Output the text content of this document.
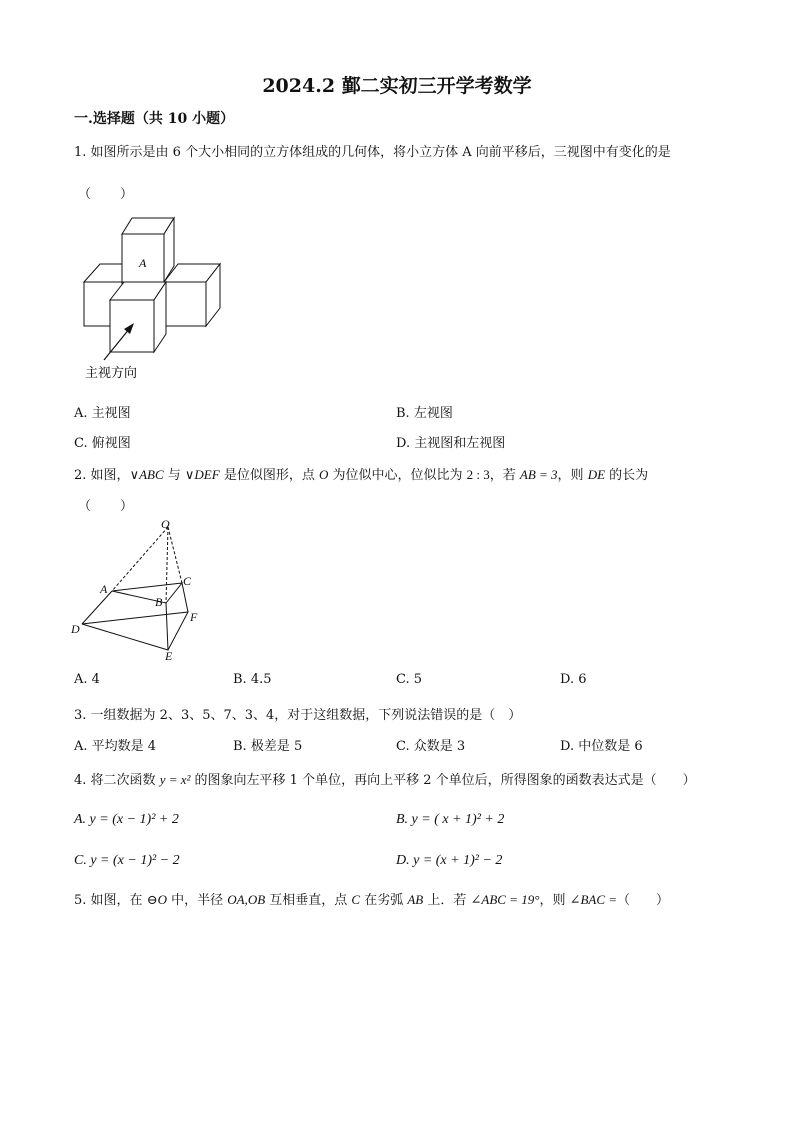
2024.2 鄞二实初三开学考数学
一.选择题（共 10 小题）
1. 如图所示是由 6 个大小相同的立方体组成的几何体，将小立方体 A 向前平移后，三视图中有变化的是
（　　）
A
主视方向
A. 主视图	B. 左视图
C. 俯视图	D. 主视图和左视图
2. 如图，∨ABC 与 ∨DEF 是位似图形，点 O 为位似中心，位似比为 2 : 3，若 AB = 3，则 DE 的长为
（　　）
O
A
B
C
D
E
F
A. 4	B. 4.5	C. 5	D. 6
3. 一组数据为 2、3、5、7、3、4，对于这组数据，下列说法错误的是（　）
A. 平均数是 4	B. 极差是 5	C. 众数是 3	D. 中位数是 6
4. 将二次函数 y = x² 的图象向左平移 1 个单位，再向上平移 2 个单位后，所得图象的函数表达式是（　　）
A. y = (x − 1)² + 2	B. y = ( x + 1)² + 2
C. y = (x − 1)² − 2	D. y = (x + 1)² − 2
5. 如图，在 ⊖O 中，半径 OA,OB 互相垂直，点 C 在劣弧 AB 上．若 ∠ABC = 19°，则 ∠BAC =（　　）
